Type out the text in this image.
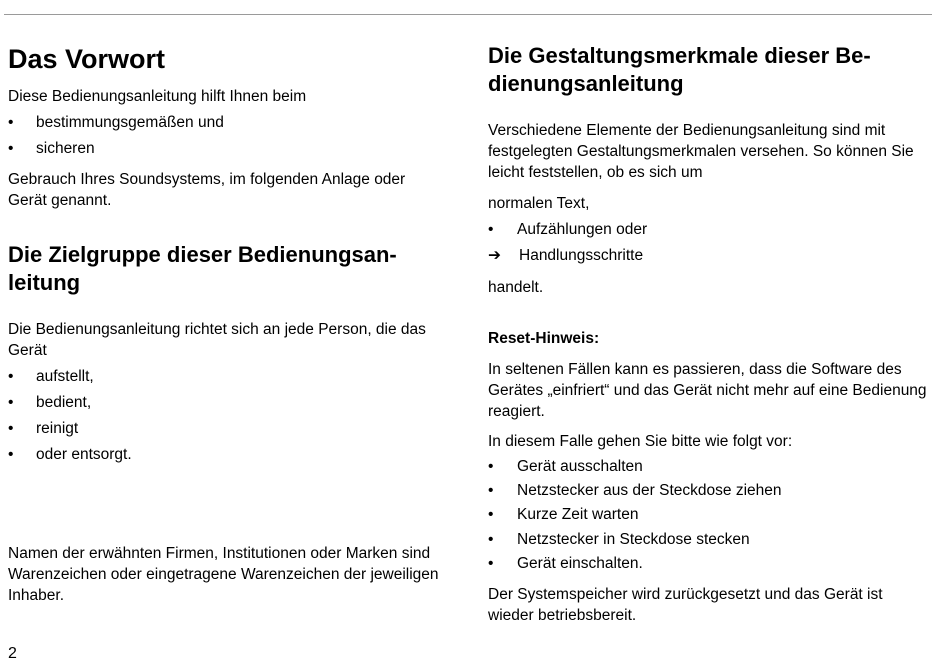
Das Vorwort

Diese Bedienungsanleitung hilft Ihnen beim

• bestimmungsgemäßen und
• sicheren

Gebrauch Ihres Soundsystems, im folgenden Anlage oder Gerät genannt.

Die Zielgruppe dieser Bedienungsan-leitung

Die Bedienungsanleitung richtet sich an jede Person, die das Gerät

• aufstellt,
• bedient,
• reinigt
• oder entsorgt.

Namen der erwähnten Firmen, Institutionen oder Marken sind Warenzeichen oder eingetragene Warenzeichen der jeweiligen Inhaber.

Die Gestaltungsmerkmale dieser Be-dienungsanleitung

Verschiedene Elemente der Bedienungsanleitung sind mit festgelegten Gestaltungsmerkmalen versehen. So können Sie leicht feststellen, ob es sich um

normalen Text,

• Aufzählungen oder
➔ Handlungsschritte

handelt.

Reset-Hinweis:

In seltenen Fällen kann es passieren, dass die Software des Gerätes „einfriert“ und das Gerät nicht mehr auf eine Bedienung reagiert.

In diesem Falle gehen Sie bitte wie folgt vor:

• Gerät ausschalten
• Netzstecker aus der Steckdose ziehen
• Kurze Zeit warten
• Netzstecker in Steckdose stecken
• Gerät einschalten.

Der Systemspeicher wird zurückgesetzt und das Gerät ist wieder betriebsbereit.

2
